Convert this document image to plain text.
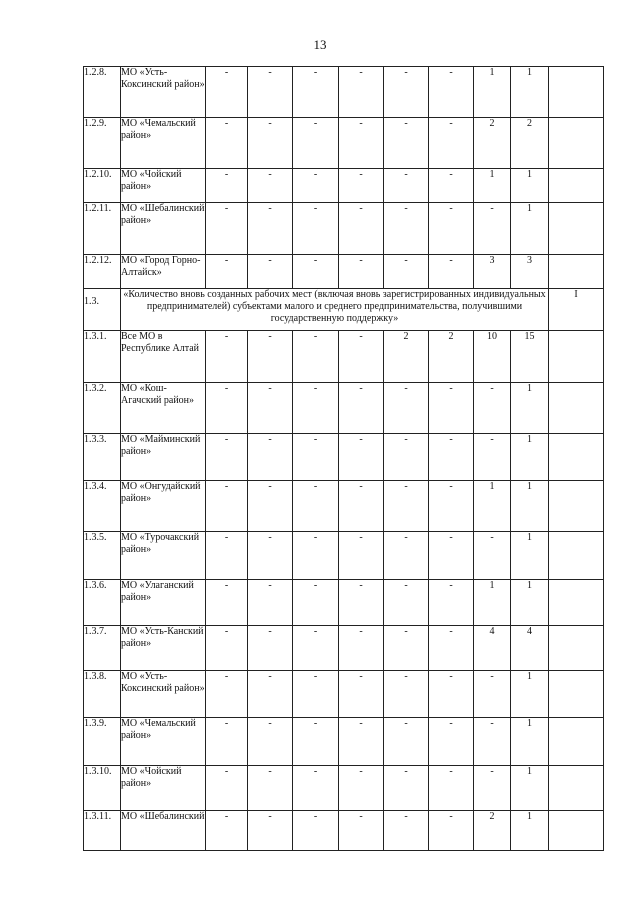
13
1.2.8.	МО «Усть-Коксинский район»	-	-	-	-	-	-	1	1	
1.2.9.	МО «Чемальский район»	-	-	-	-	-	-	2	2	
1.2.10.	МО «Чойский район»	-	-	-	-	-	-	1	1	
1.2.11.	МО «Шебалинский район»	-	-	-	-	-	-	-	1	
1.2.12.	МО «Город Горно-Алтайск»	-	-	-	-	-	-	3	3	
1.3.	«Количество вновь созданных рабочих мест (включая вновь зарегистрированных индивидуальных предпринимателей) субъектами малого и среднего предпринимательства, получившими государственную поддержку»									I
1.3.1.	Все МО в Республике Алтай	-	-	-	-	2	2	10	15	
1.3.2.	МО «Кош-Агачский район»	-	-	-	-	-	-	-	1	
1.3.3.	МО «Майминский район»	-	-	-	-	-	-	-	1	
1.3.4.	МО «Онгудайский район»	-	-	-	-	-	-	1	1	
1.3.5.	МО «Турочакский район»	-	-	-	-	-	-	-	1	
1.3.6.	МО «Улаганский район»	-	-	-	-	-	-	1	1	
1.3.7.	МО «Усть-Канский район»	-	-	-	-	-	-	4	4	
1.3.8.	МО «Усть-Коксинский район»	-	-	-	-	-	-	-	1	
1.3.9.	МО «Чемальский район»	-	-	-	-	-	-	-	1	
1.3.10.	МО «Чойский район»	-	-	-	-	-	-	-	1	
1.3.11.	МО «Шебалинский	-	-	-	-	-	-	2	1	
